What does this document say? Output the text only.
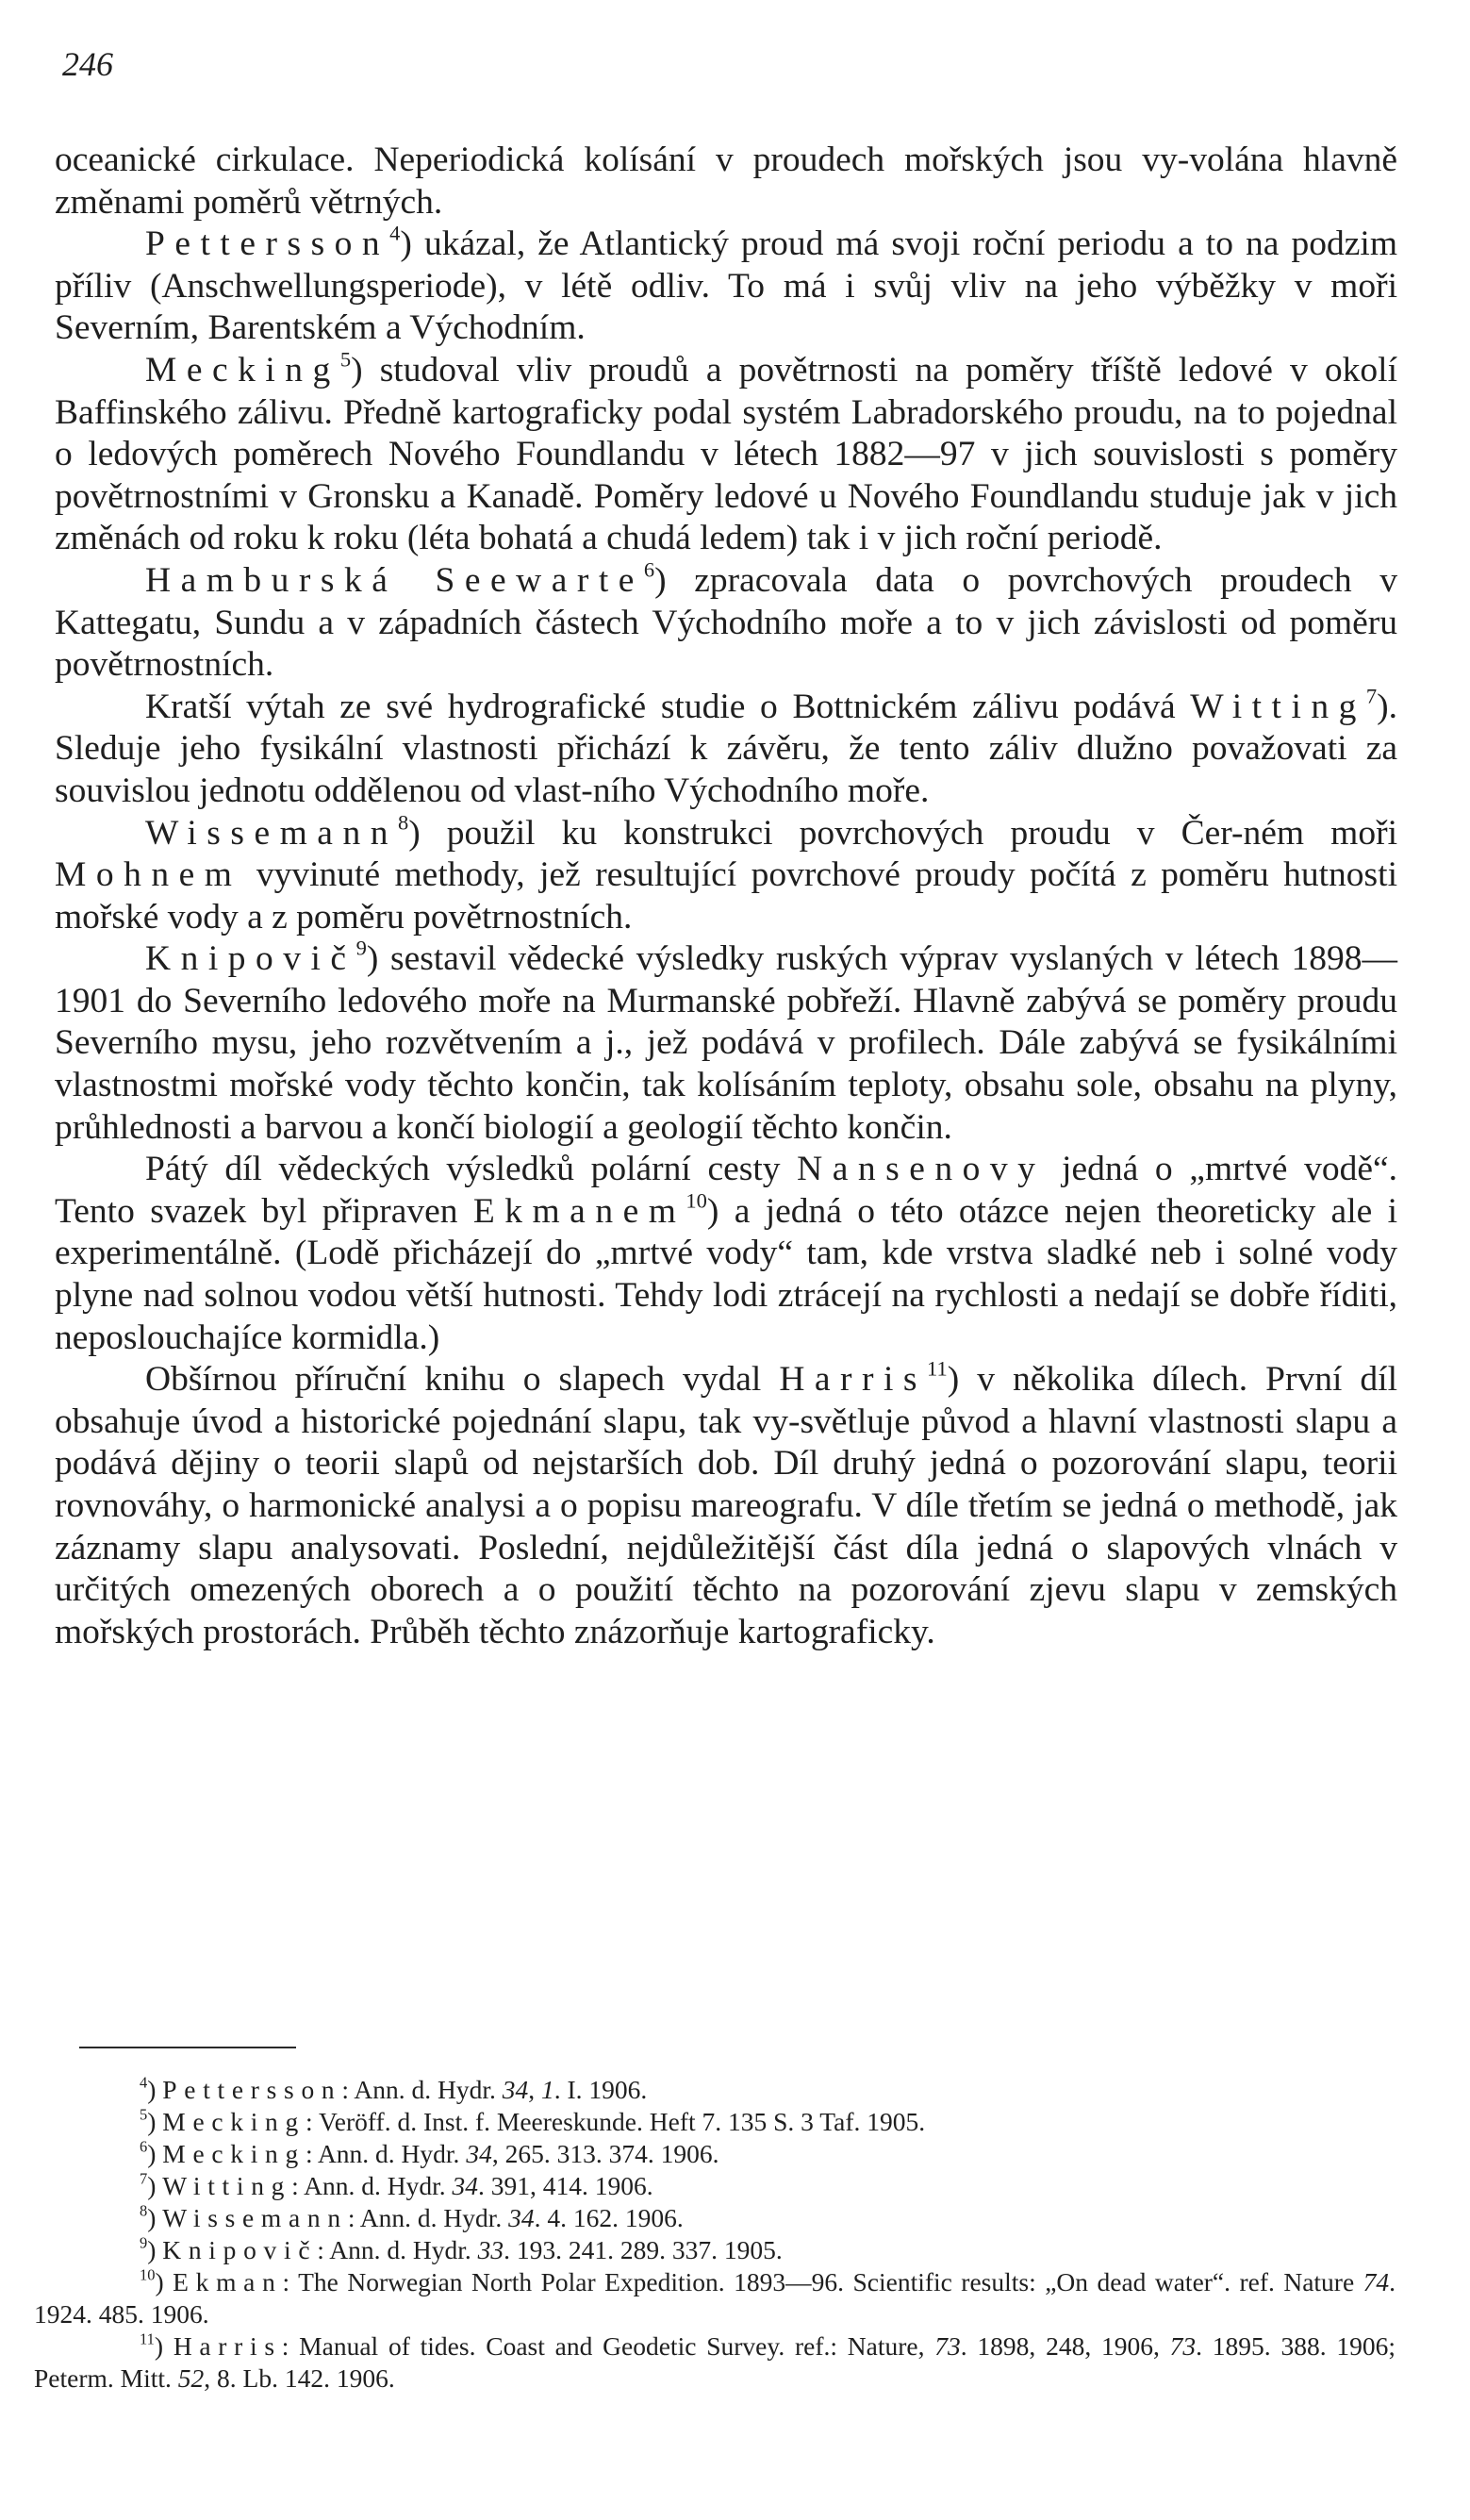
246

oceanické cirkulace. Neperiodická kolísání v proudech mořských jsou vy-volána hlavně změnami poměrů větrných.

Pettersson$^4$) ukázal, že Atlantický proud má svoji roční periodu a to na podzim příliv (Anschwellungsperiode), v létě odliv. To má i svůj vliv na jeho výběžky v moři Severním, Barentském a Východním.

Mecking$^5$) studoval vliv proudů a povětrnosti na poměry tříště ledové v okolí Baffinského zálivu. Předně kartograficky podal systém Labradorského proudu, na to pojednal o ledových poměrech Nového Foundlandu v létech 1882—97 v jich souvislosti s poměry povětrnostními v Gronsku a Kanadě. Poměry ledové u Nového Foundlandu studuje jak v jich změnách od roku k roku (léta bohatá a chudá ledem) tak i v jich roční periodě.

Hamburská Seewarte$^6$) zpracovala data o povrchových proudech v Kattegatu, Sundu a v západních částech Východního moře a to v jich závislosti od poměru povětrnostních.

Kratší výtah ze své hydrografické studie o Bottnickém zálivu podává Witting$^7$). Sleduje jeho fysikální vlastnosti přichází k závěru, že tento záliv dlužno považovati za souvislou jednotu oddělenou od vlast-ního Východního moře.

Wissemann$^8$) použil ku konstrukci povrchových proudu v Čer-ném moři Mohnem vyvinuté methody, jež resultující povrchové proudy počítá z poměru hutnosti mořské vody a z poměru povětrnostních.

Knipovič$^9$) sestavil vědecké výsledky ruských výprav vyslaných v létech 1898—1901 do Severního ledového moře na Murmanské pobřeží. Hlavně zabývá se poměry proudu Severního mysu, jeho rozvětvením a j., jež podává v profilech. Dále zabývá se fysikálními vlastnostmi mořské vody těchto končin, tak kolísáním teploty, obsahu sole, obsahu na plyny, průhlednosti a barvou a končí biologií a geologií těchto končin.

Pátý díl vědeckých výsledků polární cesty Nansenovy jedná o „mrtvé vodě“. Tento svazek byl připraven Ekmanem$^{10}$) a jedná o této otázce nejen theoreticky ale i experimentálně. (Lodě přicházejí do „mrtvé vody“ tam, kde vrstva sladké neb i solné vody plyne nad solnou vodou větší hutnosti. Tehdy lodi ztrácejí na rychlosti a nedají se dobře říditi, neposlouchajíce kormidla.)

Obšírnou příruční knihu o slapech vydal Harris$^{11}$) v několika dílech. První díl obsahuje úvod a historické pojednání slapu, tak vy-světluje původ a hlavní vlastnosti slapu a podává dějiny o teorii slapů od nejstarších dob. Díl druhý jedná o pozorování slapu, teorii rovnováhy, o harmonické analysi a o popisu mareografu. V díle třetím se jedná o methodě, jak záznamy slapu analysovati. Poslední, nejdůležitější část díla jedná o slapových vlnách v určitých omezených oborech a o použití těchto na pozorování zjevu slapu v zemských mořských prostorách. Průběh těchto znázorňuje kartograficky.

$^4$) Pettersson: Ann. d. Hydr. 34, 1. I. 1906.

$^5$) Mecking: Veröff. d. Inst. f. Meereskunde. Heft 7. 135 S. 3 Taf. 1905.

$^6$) Mecking: Ann. d. Hydr. 34, 265. 313. 374. 1906.

$^7$) Witting: Ann. d. Hydr. 34. 391, 414. 1906.

$^8$) Wissemann: Ann. d. Hydr. 34. 4. 162. 1906.

$^9$) Knipovič: Ann. d. Hydr. 33. 193. 241. 289. 337. 1905.

$^{10}$) Ekman: The Norwegian North Polar Expedition. 1893—96. Scientific results: „On dead water“. ref. Nature 74. 1924. 485. 1906.

$^{11}$) Harris: Manual of tides. Coast and Geodetic Survey. ref.: Nature, 73. 1898, 248, 1906, 73. 1895. 388. 1906; Peterm. Mitt. 52, 8. Lb. 142. 1906.
